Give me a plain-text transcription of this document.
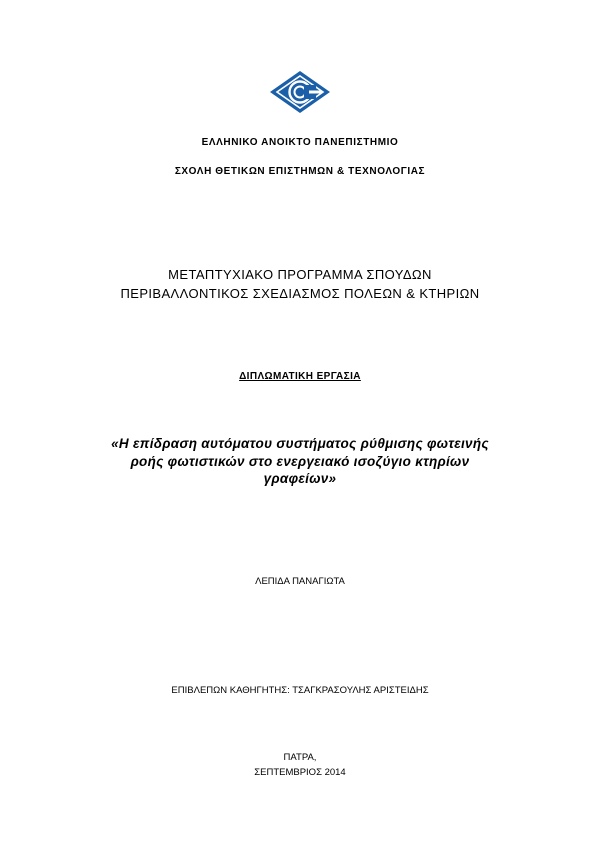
ΕΛΛΗΝΙΚΟ ΑΝΟΙΚΤΟ ΠΑΝΕΠΙΣΤΗΜΙΟ
ΣΧΟΛΗ ΘΕΤΙΚΩΝ ΕΠΙΣΤΗΜΩΝ & ΤΕΧΝΟΛΟΓΙΑΣ
ΜΕΤΑΠΤΥΧΙΑΚΟ ΠΡΟΓΡΑΜΜΑ ΣΠΟΥΔΩΝ
ΠΕΡΙΒΑΛΛΟΝΤΙΚΟΣ ΣΧΕΔΙΑΣΜΟΣ ΠΟΛΕΩΝ & ΚΤΗΡΙΩΝ
ΔΙΠΛΩΜΑΤΙΚΗ ΕΡΓΑΣΙΑ
«Η επίδραση αυτόματου συστήματος ρύθμισης φωτεινής
ροής φωτιστικών στο ενεργειακό ισοζύγιο κτηρίων
γραφείων»
ΛΕΠΙΔΑ ΠΑΝΑΓΙΩΤΑ
ΕΠΙΒΛΕΠΩΝ ΚΑΘΗΓΗΤΗΣ: ΤΣΑΓΚΡΑΣΟΥΛΗΣ ΑΡΙΣΤΕΙΔΗΣ
ΠΑΤΡΑ,
ΣΕΠΤΕΜΒΡΙΟΣ 2014
